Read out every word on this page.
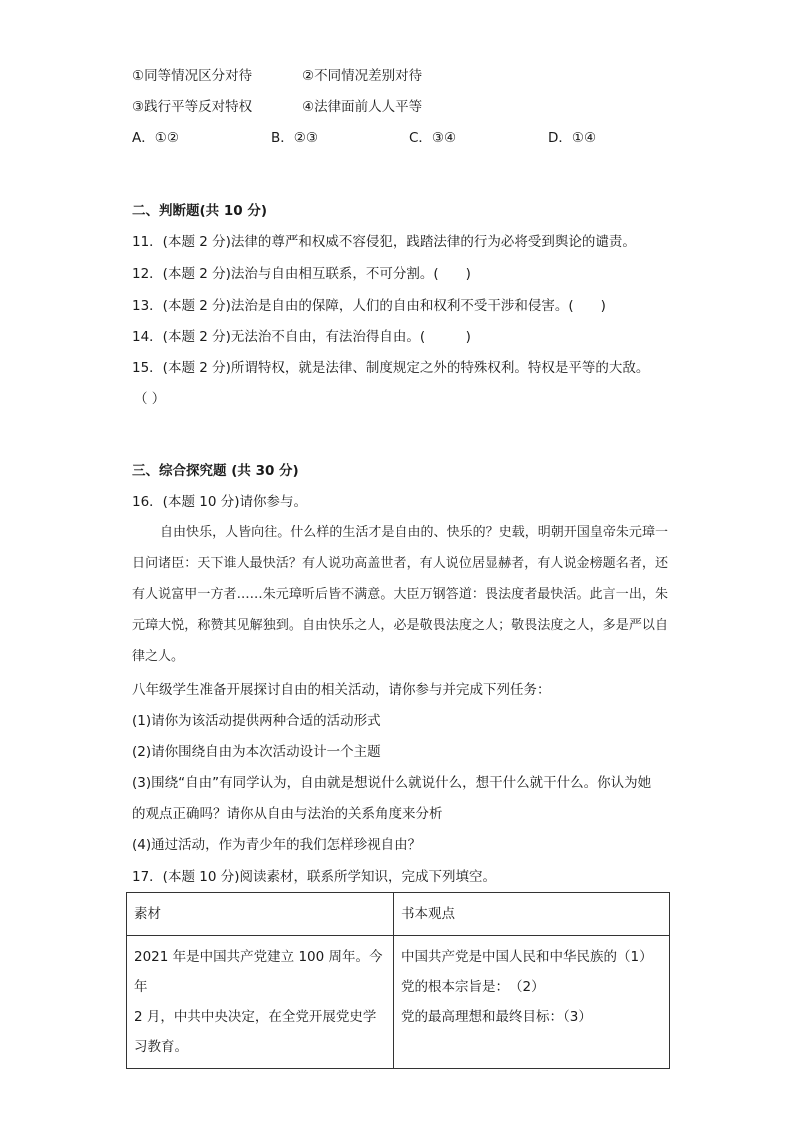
①同等情况区分对待	②不同情况差别对待
③践行平等反对特权	④法律面前人人平等
A．①②	B．②③	C．③④	D．①④
二、判断题(共 10 分)
11．(本题 2 分)法律的尊严和权威不容侵犯，践踏法律的行为必将受到舆论的谴责。
12．(本题 2 分)法治与自由相互联系，不可分割。(　　)
13．(本题 2 分)法治是自由的保障，人们的自由和权利不受干涉和侵害。(　　)
14．(本题 2 分)无法治不自由，有法治得自由。(　　　)
15．(本题 2 分)所谓特权，就是法律、制度规定之外的特殊权利。特权是平等的大敌。
（ ）
三、综合探究题 (共 30 分)
16．(本题 10 分)请你参与。

自由快乐，人皆向往。什么样的生活才是自由的、快乐的？史载，明朝开国皇帝朱元璋一日问诸臣：天下谁人最快活？有人说功高盖世者，有人说位居显赫者，有人说金榜题名者，还有人说富甲一方者……朱元璋听后皆不满意。大臣万钢答道：畏法度者最快活。此言一出，朱元璋大悦，称赞其见解独到。自由快乐之人，必是敬畏法度之人；敬畏法度之人，多是严以自律之人。

八年级学生准备开展探讨自由的相关活动，请你参与并完成下列任务：
(1)请你为该活动提供两种合适的活动形式
(2)请你围绕自由为本次活动设计一个主题
(3)围绕“自由”有同学认为，自由就是想说什么就说什么，想干什么就干什么。你认为她
的观点正确吗？请你从自由与法治的关系角度来分析
(4)通过活动，作为青少年的我们怎样珍视自由？
17．(本题 10 分)阅读素材，联系所学知识，完成下列填空。
素材	书本观点

2021 年是中国共产党建立 100 周年。今年
2 月，中共中央决定，在全党开展党史学
习教育。	中国共产党是中国人民和中华民族的（1）
党的根本宗旨是：　（2）
党的最高理想和最终目标：（3）
